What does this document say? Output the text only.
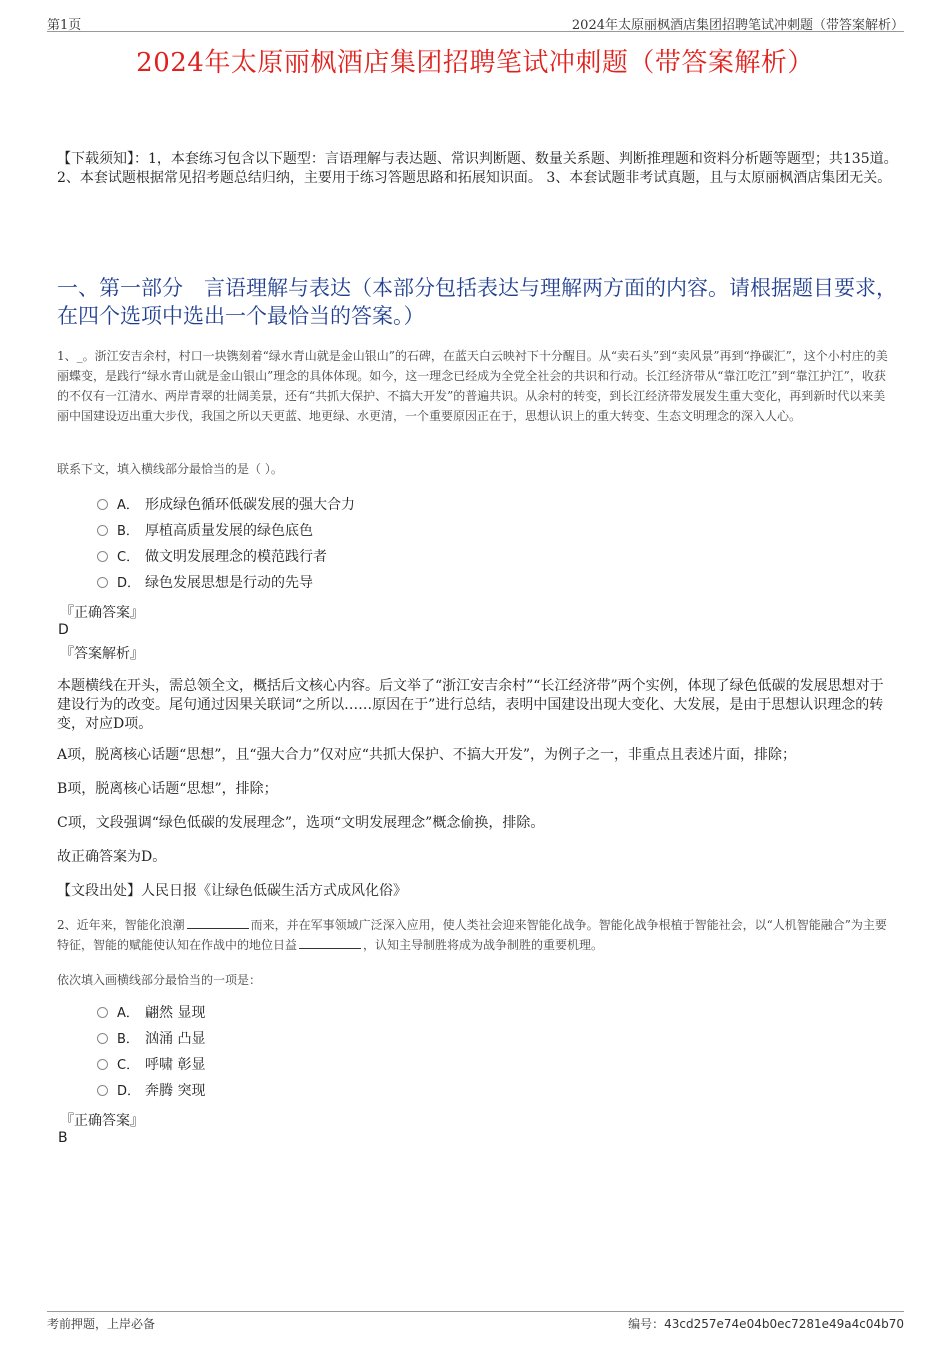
第1页	2024年太原丽枫酒店集团招聘笔试冲刺题（带答案解析）
2024年太原丽枫酒店集团招聘笔试冲刺题（带答案解析）
【下载须知】：1，本套练习包含以下题型：言语理解与表达题、常识判断题、数量关系题、判断推理题和资料分析题等题型；共135道。 2、本套试题根据常见招考题总结归纳，主要用于练习答题思路和拓展知识面。 3、本套试题非考试真题，且与太原丽枫酒店集团无关。
一、第一部分　言语理解与表达（本部分包括表达与理解两方面的内容。请根据题目要求，在四个选项中选出一个最恰当的答案。）
1、_。浙江安吉余村，村口一块镌刻着“绿水青山就是金山银山”的石碑，在蓝天白云映衬下十分醒目。从“卖石头”到“卖风景”再到“挣碳汇”，这个小村庄的美丽蝶变，是践行“绿水青山就是金山银山”理念的具体体现。如今，这一理念已经成为全党全社会的共识和行动。长江经济带从“靠江吃江”到“靠江护江”，收获的不仅有一江清水、两岸青翠的壮阔美景，还有“共抓大保护、不搞大开发”的普遍共识。从余村的转变，到长江经济带发展发生重大变化，再到新时代以来美丽中国建设迈出重大步伐，我国之所以天更蓝、地更绿、水更清，一个重要原因正在于，思想认识上的重大转变、生态文明理念的深入人心。
联系下文，填入横线部分最恰当的是（ ）。
A． 形成绿色循环低碳发展的强大合力
B． 厚植高质量发展的绿色底色
C． 做文明发展理念的模范践行者
D． 绿色发展思想是行动的先导
『正确答案』
D
『答案解析』
本题横线在开头，需总领全文，概括后文核心内容。后文举了“浙江安吉余村”“长江经济带”两个实例，体现了绿色低碳的发展思想对于建设行为的改变。尾句通过因果关联词“之所以……原因在于”进行总结，表明中国建设出现大变化、大发展，是由于思想认识理念的转变，对应D项。
A项，脱离核心话题“思想”，且“强大合力”仅对应“共抓大保护、不搞大开发”，为例子之一，非重点且表述片面，排除；
B项，脱离核心话题“思想”，排除；
C项，文段强调“绿色低碳的发展理念”，选项“文明发展理念”概念偷换，排除。
故正确答案为D。
【文段出处】人民日报《让绿色低碳生活方式成风化俗》
2、近年来，智能化浪潮	而来，并在军事领域广泛深入应用，使人类社会迎来智能化战争。智能化战争根植于智能社会，以“人机智能融合”为主要特征，智能的赋能使认知在作战中的地位日益	，认知主导制胜将成为战争制胜的重要机理。
依次填入画横线部分最恰当的一项是：
A． 翩然 显现
B． 汹涌 凸显
C． 呼啸 彰显
D． 奔腾 突现
『正确答案』
B
考前押题，上岸必备	编号：43cd257e74e04b0ec7281e49a4c04b70
